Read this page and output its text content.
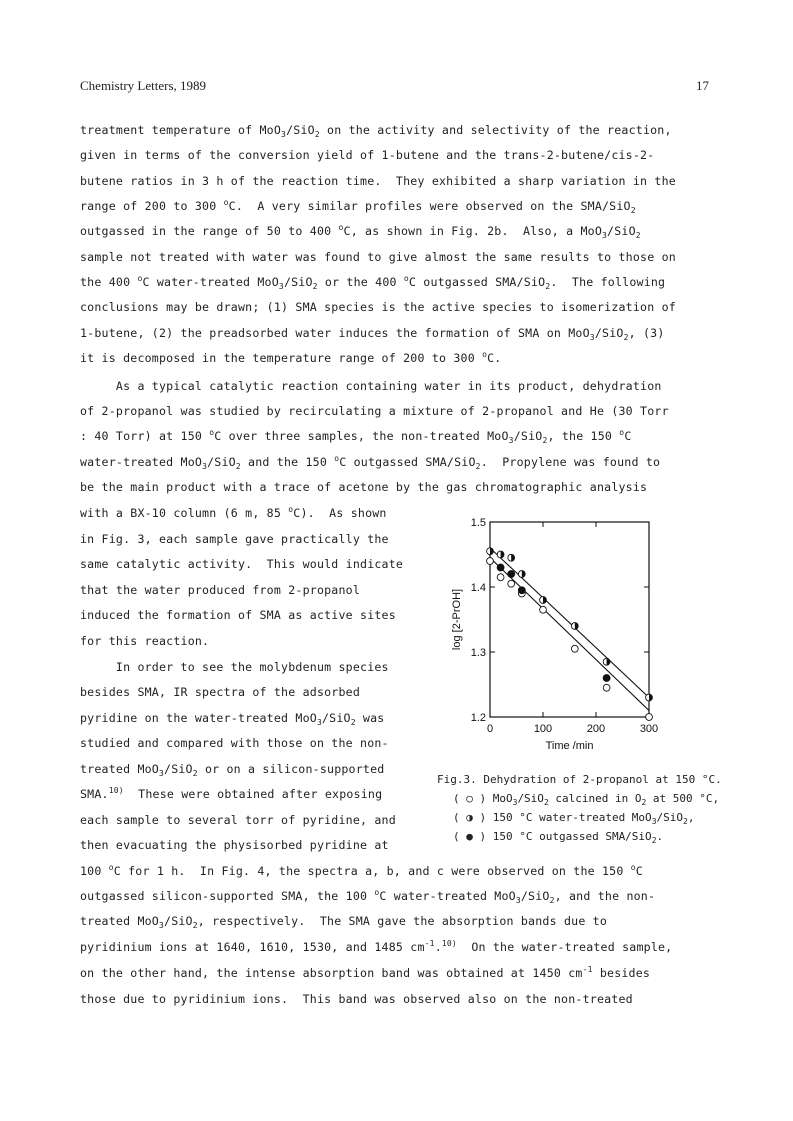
Chemistry Letters, 1989	17
treatment temperature of MoO$_3$/SiO$_2$ on the activity and selectivity of the reaction,
given in terms of the conversion yield of 1-butene and the trans-2-butene/cis-2-
butene ratios in 3 h of the reaction time.  They exhibited a sharp variation in the
range of 200 to 300 $^o$C.  A very similar profiles were observed on the SMA/SiO$_2$
outgassed in the range of 50 to 400 $^o$C, as shown in Fig. 2b.  Also, a MoO$_3$/SiO$_2$
sample not treated with water was found to give almost the same results to those on
the 400 $^o$C water-treated MoO$_3$/SiO$_2$ or the 400 $^o$C outgassed SMA/SiO$_2$.  The following
conclusions may be drawn; (1) SMA species is the active species to isomerization of
1-butene, (2) the preadsorbed water induces the formation of SMA on MoO$_3$/SiO$_2$, (3)
it is decomposed in the temperature range of 200 to 300 $^o$C.
As a typical catalytic reaction containing water in its product, dehydration
of 2-propanol was studied by recirculating a mixture of 2-propanol and He (30 Torr
: 40 Torr) at 150 $^o$C over three samples, the non-treated MoO$_3$/SiO$_2$, the 150 $^o$C
water-treated MoO$_3$/SiO$_2$ and the 150 $^o$C outgassed SMA/SiO$_2$.  Propylene was found to
be the main product with a trace of acetone by the gas chromatographic analysis
with a BX-10 column (6 m, 85 $^o$C).  As shown
in Fig. 3, each sample gave practically the
same catalytic activity.  This would indicate
that the water produced from 2-propanol
induced the formation of SMA as active sites
for this reaction.
In order to see the molybdenum species
besides SMA, IR spectra of the adsorbed
pyridine on the water-treated MoO$_3$/SiO$_2$ was
studied and compared with those on the non-
treated MoO$_3$/SiO$_2$ or on a silicon-supported
SMA.$^{10)}$  These were obtained after exposing
each sample to several torr of pyridine, and
then evacuating the physisorbed pyridine at
100 $^o$C for 1 h.  In Fig. 4, the spectra a, b, and c were observed on the 150 $^o$C
outgassed silicon-supported SMA, the 100 $^o$C water-treated MoO$_3$/SiO$_2$, and the non-
treated MoO$_3$/SiO$_2$, respectively.  The SMA gave the absorption bands due to
pyridinium ions at 1640, 1610, 1530, and 1485 $cm^{-1}.^{10)}$  On the water-treated sample,
on the other hand, the intense absorption band was obtained at 1450 $cm^{-1}$ besides
those due to pyridinium ions.  This band was observed also on the non-treated
0	100	200	300
1.2
1.3
1.4
1.5
Time /min
log [2-PrOH]
Fig.3. Dehydration of 2-propanol at 150 °C.
( ○ ) MoO$_3$/SiO$_2$ calcined in $O_2$ at 500 °C,
( ◑ ) 150 °C water-treated MoO$_3$/SiO$_2$,
( ● ) 150 °C outgassed SMA/SiO$_2$.
